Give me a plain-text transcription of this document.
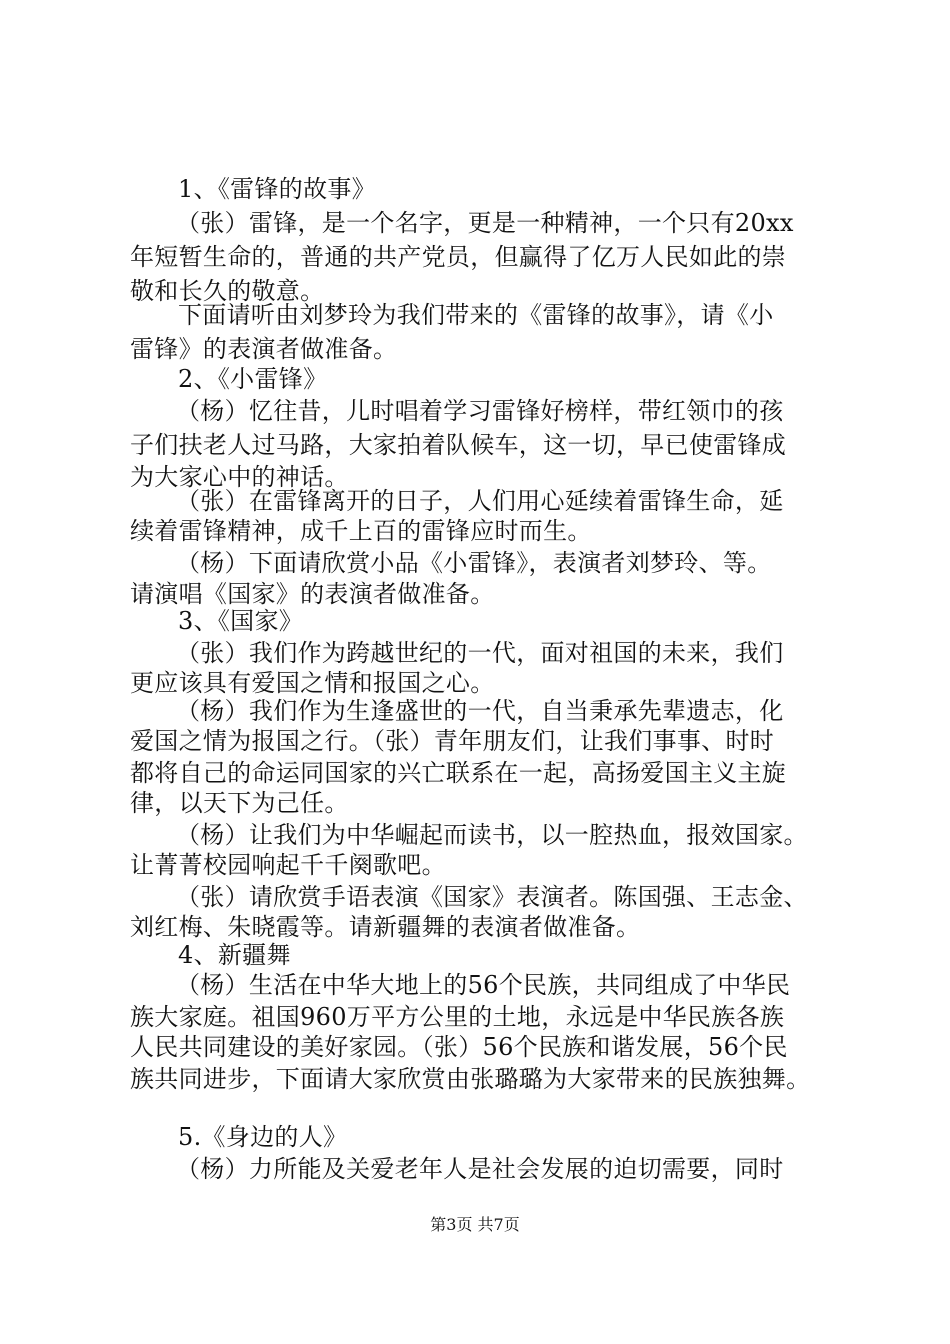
1、《雷锋的故事》
（张）雷锋，是一个名字，更是一种精神，一个只有20xx
年短暂生命的，普通的共产党员，但赢得了亿万人民如此的崇
敬和长久的敬意。
下面请听由刘梦玲为我们带来的《雷锋的故事》，请《小
雷锋》的表演者做准备。
2、《小雷锋》
（杨）忆往昔，儿时唱着学习雷锋好榜样，带红领巾的孩
子们扶老人过马路，大家拍着队候车，这一切，早已使雷锋成
为大家心中的神话。
（张）在雷锋离开的日子，人们用心延续着雷锋生命，延
续着雷锋精神，成千上百的雷锋应时而生。
（杨）下面请欣赏小品《小雷锋》，表演者刘梦玲、等。
请演唱《国家》的表演者做准备。
3、《国家》
（张）我们作为跨越世纪的一代，面对祖国的未来，我们
更应该具有爱国之情和报国之心。
（杨）我们作为生逢盛世的一代，自当秉承先辈遗志，化
爱国之情为报国之行。（张）青年朋友们，让我们事事、时时
都将自己的命运同国家的兴亡联系在一起，高扬爱国主义主旋
律，以天下为己任。
（杨）让我们为中华崛起而读书，以一腔热血，报效国家。
让菁菁校园响起千千阕歌吧。
（张）请欣赏手语表演《国家》表演者。陈国强、王志金、
刘红梅、朱晓霞等。请新疆舞的表演者做准备。
4、新疆舞
（杨）生活在中华大地上的56个民族，共同组成了中华民
族大家庭。祖国960万平方公里的土地，永远是中华民族各族
人民共同建设的美好家园。（张）56个民族和谐发展，56个民
族共同进步，下面请大家欣赏由张璐璐为大家带来的民族独舞。
5.《身边的人》
（杨）力所能及关爱老年人是社会发展的迫切需要，同时
第3页 共7页
